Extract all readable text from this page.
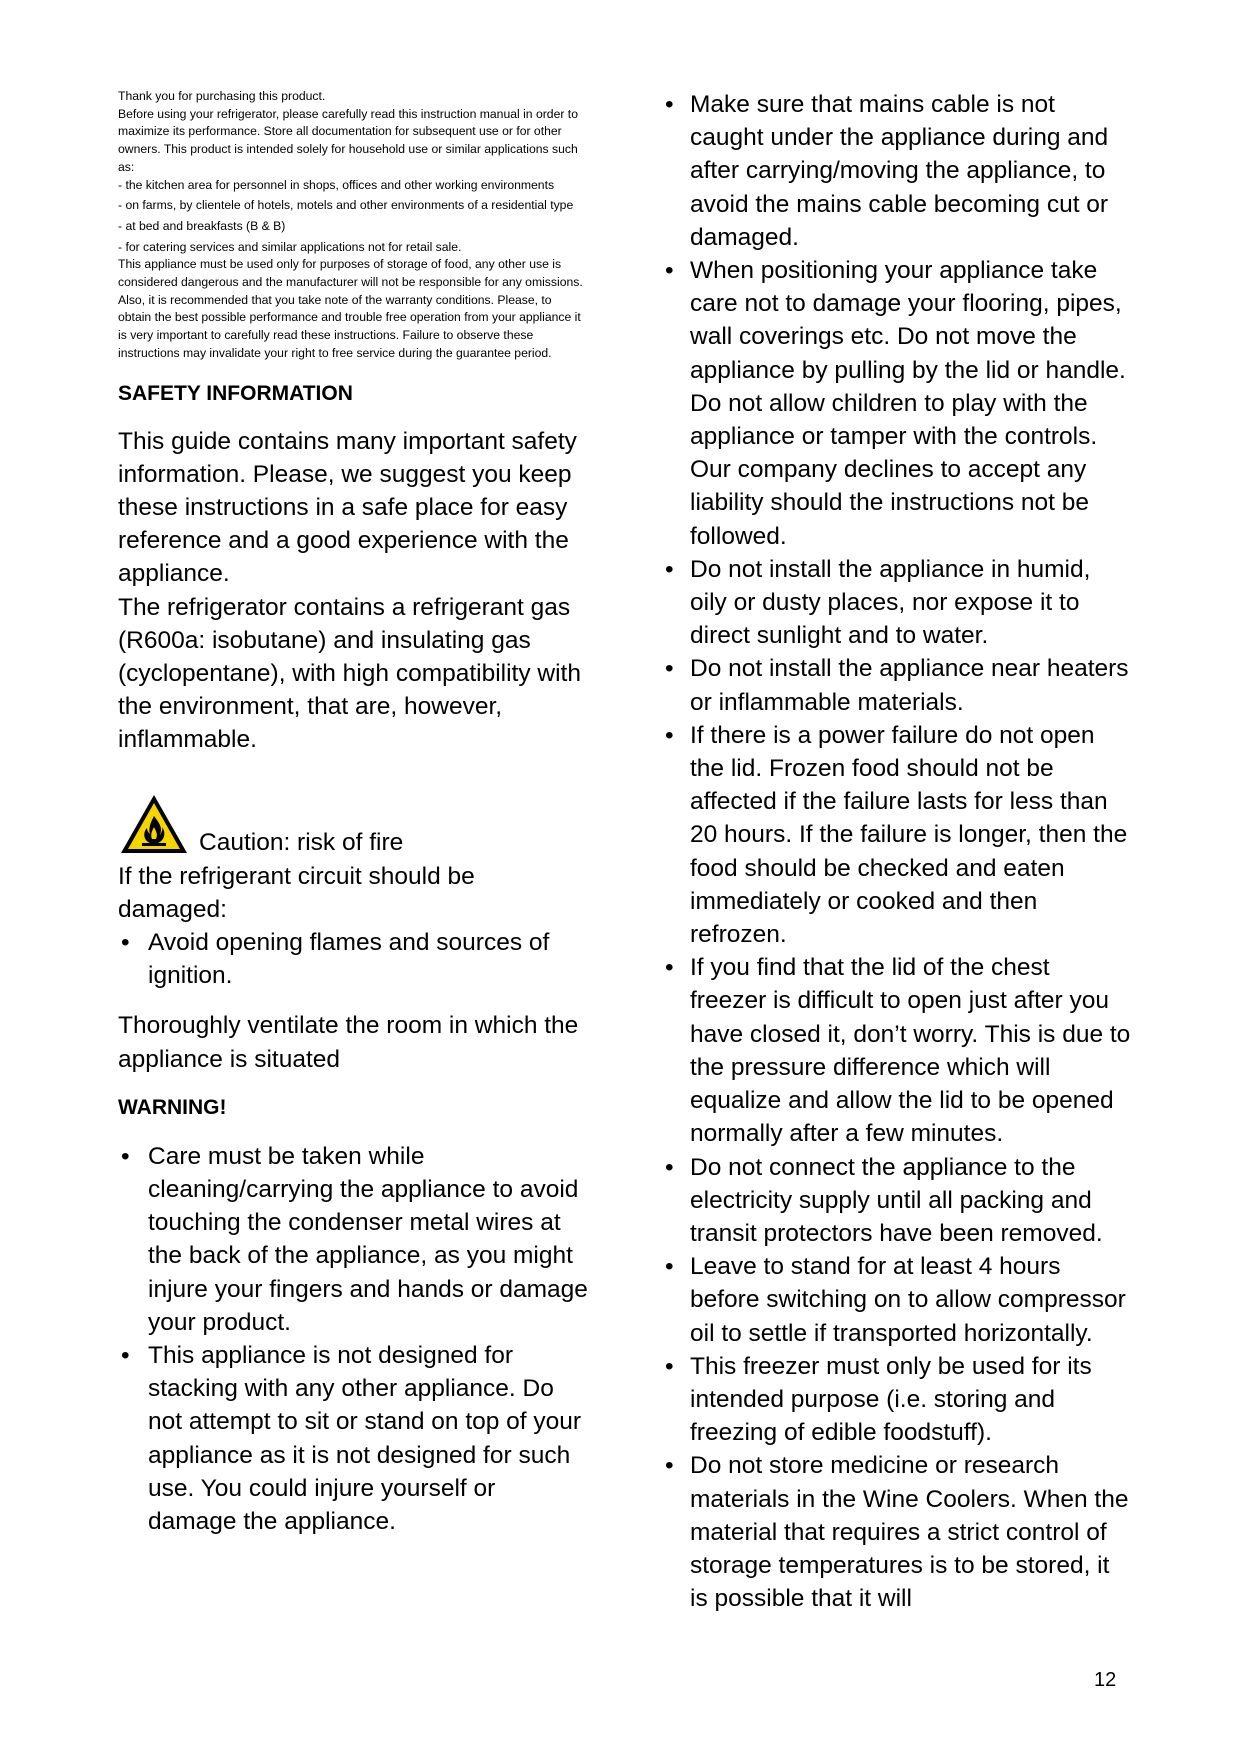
Thank you for purchasing this product.

Before using your refrigerator, please carefully read this instruction manual in order to maximize its performance. Store all documentation for subsequent use or for other owners. This product is intended solely for household use or similar applications such as:

- the kitchen area for personnel in shops, offices and other working environments

- on farms, by clientele of hotels, motels and other environments of a residential type

- at bed and breakfasts (B & B)

- for catering services and similar applications not for retail sale.

This appliance must be used only for purposes of storage of food, any other use is considered dangerous and the manufacturer will not be responsible for any omissions. Also, it is recommended that you take note of the warranty conditions. Please, to obtain the best possible performance and trouble free operation from your appliance it is very important to carefully read these instructions. Failure to observe these instructions may invalidate your right to free service during the guarantee period.

SAFETY INFORMATION

This guide contains many important safety information. Please, we suggest you keep these instructions in a safe place for easy reference and a good experience with the appliance.

The refrigerator contains a refrigerant gas (R600a: isobutane) and insulating gas (cyclopentane), with high compatibility with the environment, that are, however, inflammable.

Caution: risk of fire

If the refrigerant circuit should be damaged:

• Avoid opening flames and sources of ignition.

Thoroughly ventilate the room in which the appliance is situated

WARNING!

• Care must be taken while cleaning/carrying the appliance to avoid touching the condenser metal wires at the back of the appliance, as you might injure your fingers and hands or damage your product.
• This appliance is not designed for stacking with any other appliance. Do not attempt to sit or stand on top of your appliance as it is not designed for such use. You could injure yourself or damage the appliance.
• Make sure that mains cable is not caught under the appliance during and after carrying/moving the appliance, to avoid the mains cable becoming cut or damaged.
• When positioning your appliance take care not to damage your flooring, pipes, wall coverings etc. Do not move the appliance by pulling by the lid or handle. Do not allow children to play with the appliance or tamper with the controls. Our company declines to accept any liability should the instructions not be followed.
• Do not install the appliance in humid, oily or dusty places, nor expose it to direct sunlight and to water.
• Do not install the appliance near heaters or inflammable materials.
• If there is a power failure do not open the lid. Frozen food should not be affected if the failure lasts for less than 20 hours. If the failure is longer, then the food should be checked and eaten immediately or cooked and then refrozen.
• If you find that the lid of the chest freezer is difficult to open just after you have closed it, don’t worry. This is due to the pressure difference which will equalize and allow the lid to be opened normally after a few minutes.
• Do not connect the appliance to the electricity supply until all packing and transit protectors have been removed.
• Leave to stand for at least 4 hours before switching on to allow compressor oil to settle if transported horizontally.
• This freezer must only be used for its intended purpose (i.e. storing and freezing of edible foodstuff).
• Do not store medicine or research materials in the Wine Coolers. When the material that requires a strict control of storage temperatures is to be stored, it is possible that it will
12
